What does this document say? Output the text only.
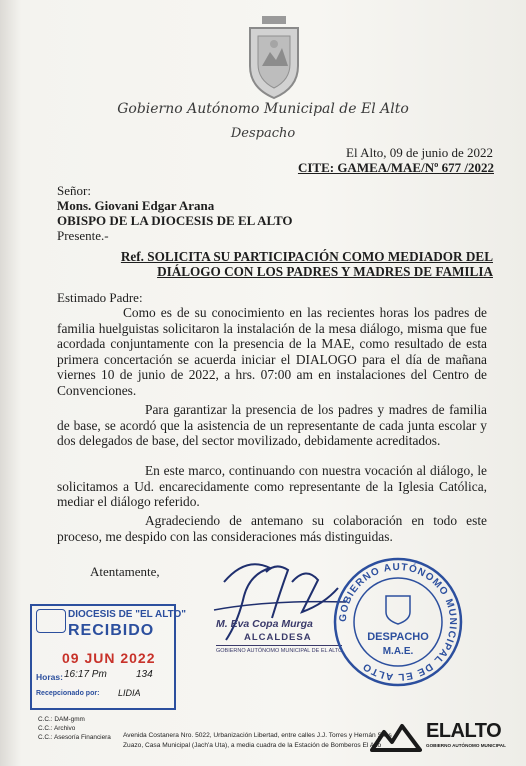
Gobierno Autónomo Municipal de El Alto
Despacho
El Alto, 09 de junio de 2022
CITE: GAMEA/MAE/Nº 677 /2022
Señor:
Mons. Giovani Edgar Arana
OBISPO DE LA DIOCESIS DE EL ALTO
Presente.-
Ref. SOLICITA SU PARTICIPACIÓN COMO MEDIADOR DEL
DIÁLOGO CON LOS PADRES Y MADRES DE FAMILIA
Estimado Padre:
Como es de su conocimiento en las recientes horas los padres de familia huelguistas solicitaron la instalación de la mesa diálogo, misma que fue acordada conjuntamente con la presencia de la MAE, como resultado de esta primera concertación se acuerda iniciar el DIALOGO para el día de mañana viernes 10 de junio de 2022, a hrs. 07:00 am en instalaciones del Centro de Convenciones.
Para garantizar la presencia de los padres y madres de familia de base, se acordó que la asistencia de un representante de cada junta escolar y dos delegados de base, del sector movilizado, debidamente acreditados.
En este marco, continuando con nuestra vocación al diálogo, le solicitamos a Ud. encarecidamente como representante de la Iglesia Católica, mediar el diálogo referido.
Agradeciendo de antemano su colaboración en todo este proceso, me despido con las consideraciones más distinguidas.
Atentamente,
M. Eva Copa Murga
ALCALDESA
GOBIERNO AUTÓNOMO MUNICIPAL DE EL ALTO
GOBIERNO AUTÓNOMO MUNICIPAL DE EL ALTO
DESPACHO
M.A.E.
DIOCESIS DE "EL ALTO"
RECIBIDO
09 JUN 2022
Horas: 16:17 Pm	134
Recepcionado por: LIDIA
C.C.: DAM-gmm
C.C.: Archivo
C.C.: Asesoría Financiera Avenida Costanera Nro. 5022, Urbanización Libertad, entre calles J.J. Torres y Hernán Siles
Zuazo, Casa Municipal (Jach'a Uta), a media cuadra de la Estación de Bomberos El Alto
ELALTO
GOBIERNO AUTÓNOMO MUNICIPAL
